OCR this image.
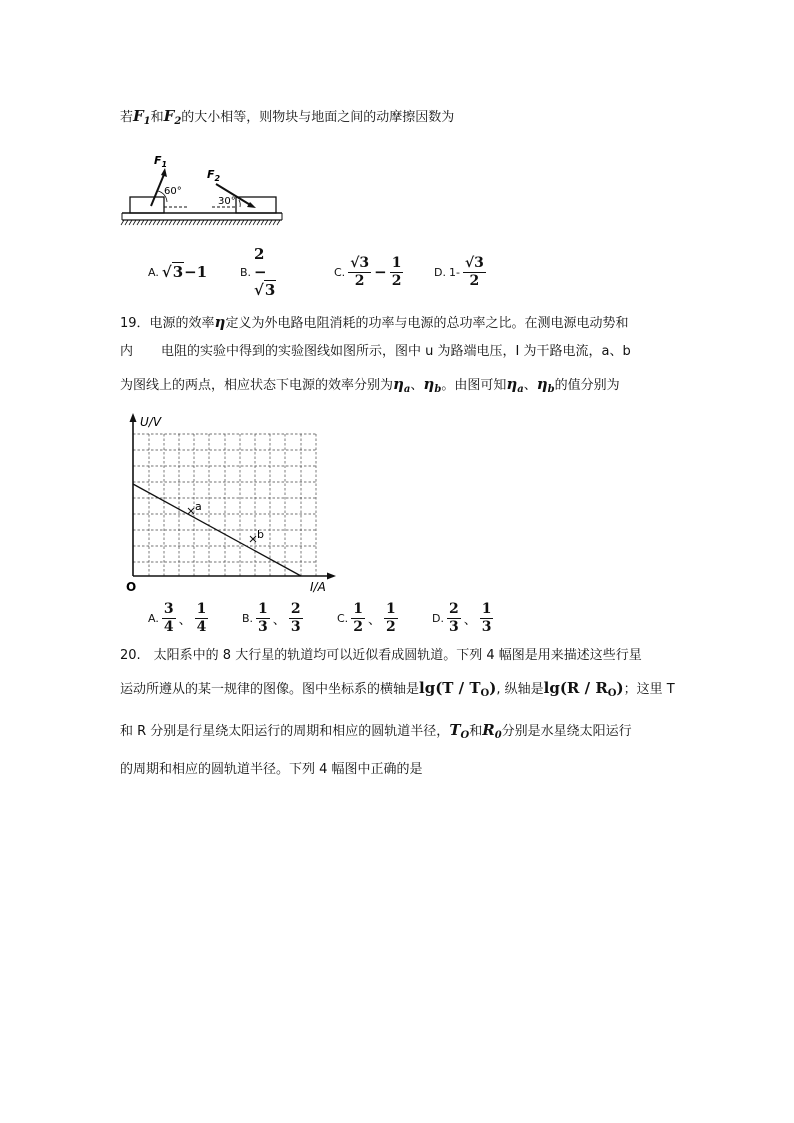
若$F_1$和$F_2$的大小相等，则物块与地面之间的动摩擦因数为
$F_1$
60°
$F_2$
30°
A. √3−1	B.
2 − √3
C. $\frac{√3}{2} - \frac{1}{2}$	D. $1- \frac{√3}{2}$
19．电源的效率η定义为外电路电阻消耗的功率与电源的总功率之比。在测电源电动势和
内 电阻的实验中得到的实验图线如图所示，图中 u 为路端电压，I 为干路电流，a、b
为图线上的两点，相应状态下电源的效率分别为$\eta_a$、$\eta_b$。由图可知$\eta_a$、$\eta_b$的值分别为
a
b
U/V
I/A
O
A. $\frac{3}{4}$ 、 $\frac{1}{4}$	B. $\frac{1}{3}$ 、 $\frac{2}{3}$	C. $\frac{1}{2}$ 、 $\frac{1}{2}$	D. $\frac{2}{3}$ 、 $\frac{1}{3}$
20.　太阳系中的 8 大行星的轨道均可以近似看成圆轨道。下列 4 幅图是用来描述这些行星
运动所遵从的某一规律的图像。图中坐标系的横轴是$\lg(T / T_O)$, 纵轴是$\lg(R / R_O)$；这里 T
和 R 分别是行星绕太阳运行的周期和相应的圆轨道半径，$T_O$和$R_0$分别是水星绕太阳运行
的周期和相应的圆轨道半径。下列 4 幅图中正确的是
